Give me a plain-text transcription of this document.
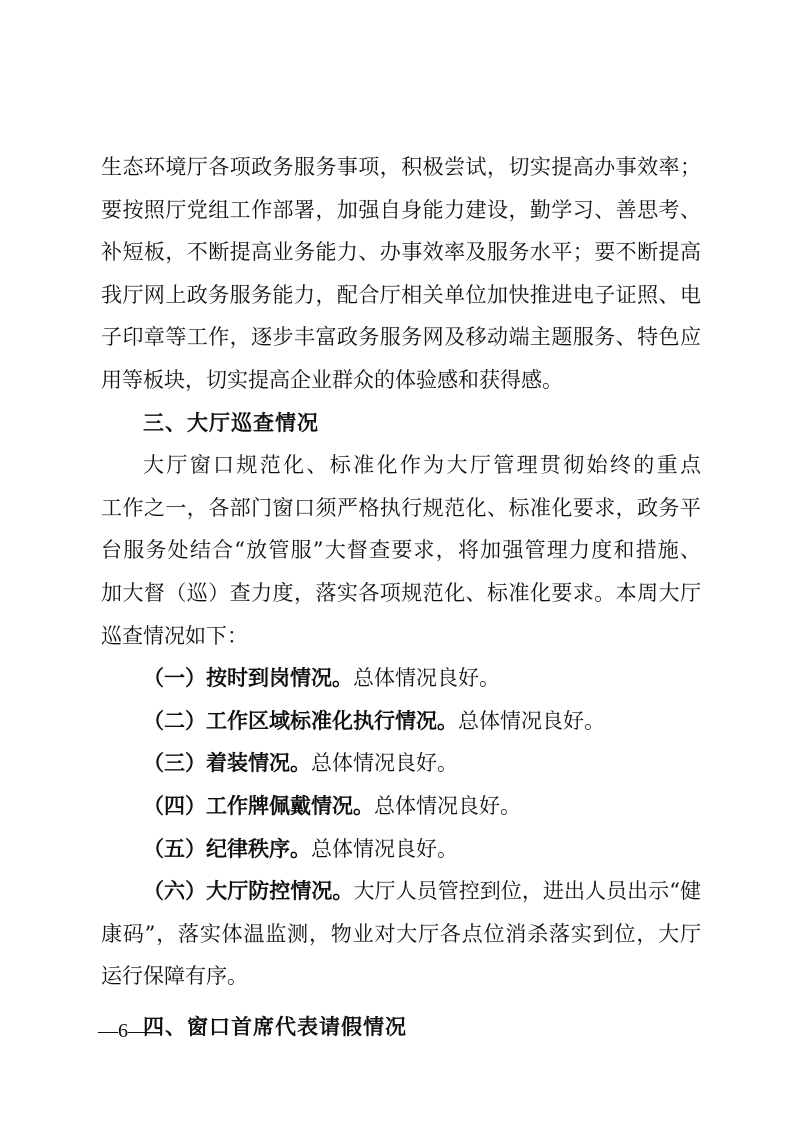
生态环境厅各项政务服务事项，积极尝试，切实提高办事效率；
要按照厅党组工作部署，加强自身能力建设，勤学习、善思考、
补短板，不断提高业务能力、办事效率及服务水平；要不断提高
我厅网上政务服务能力，配合厅相关单位加快推进电子证照、电
子印章等工作，逐步丰富政务服务网及移动端主题服务、特色应
用等板块，切实提高企业群众的体验感和获得感。
三、大厅巡查情况
大厅窗口规范化、标准化作为大厅管理贯彻始终的重点
工作之一，各部门窗口须严格执行规范化、标准化要求，政务平
台服务处结合“放管服”大督查要求，将加强管理力度和措施、
加大督（巡）查力度，落实各项规范化、标准化要求。本周大厅
巡查情况如下：
（一）按时到岗情况。总体情况良好。
（二）工作区域标准化执行情况。总体情况良好。
（三）着装情况。总体情况良好。
（四）工作牌佩戴情况。总体情况良好。
（五）纪律秩序。总体情况良好。
（六）大厅防控情况。大厅人员管控到位，进出人员出示“健
康码”，落实体温监测，物业对大厅各点位消杀落实到位，大厅
运行保障有序。
四、窗口首席代表请假情况
—6—
